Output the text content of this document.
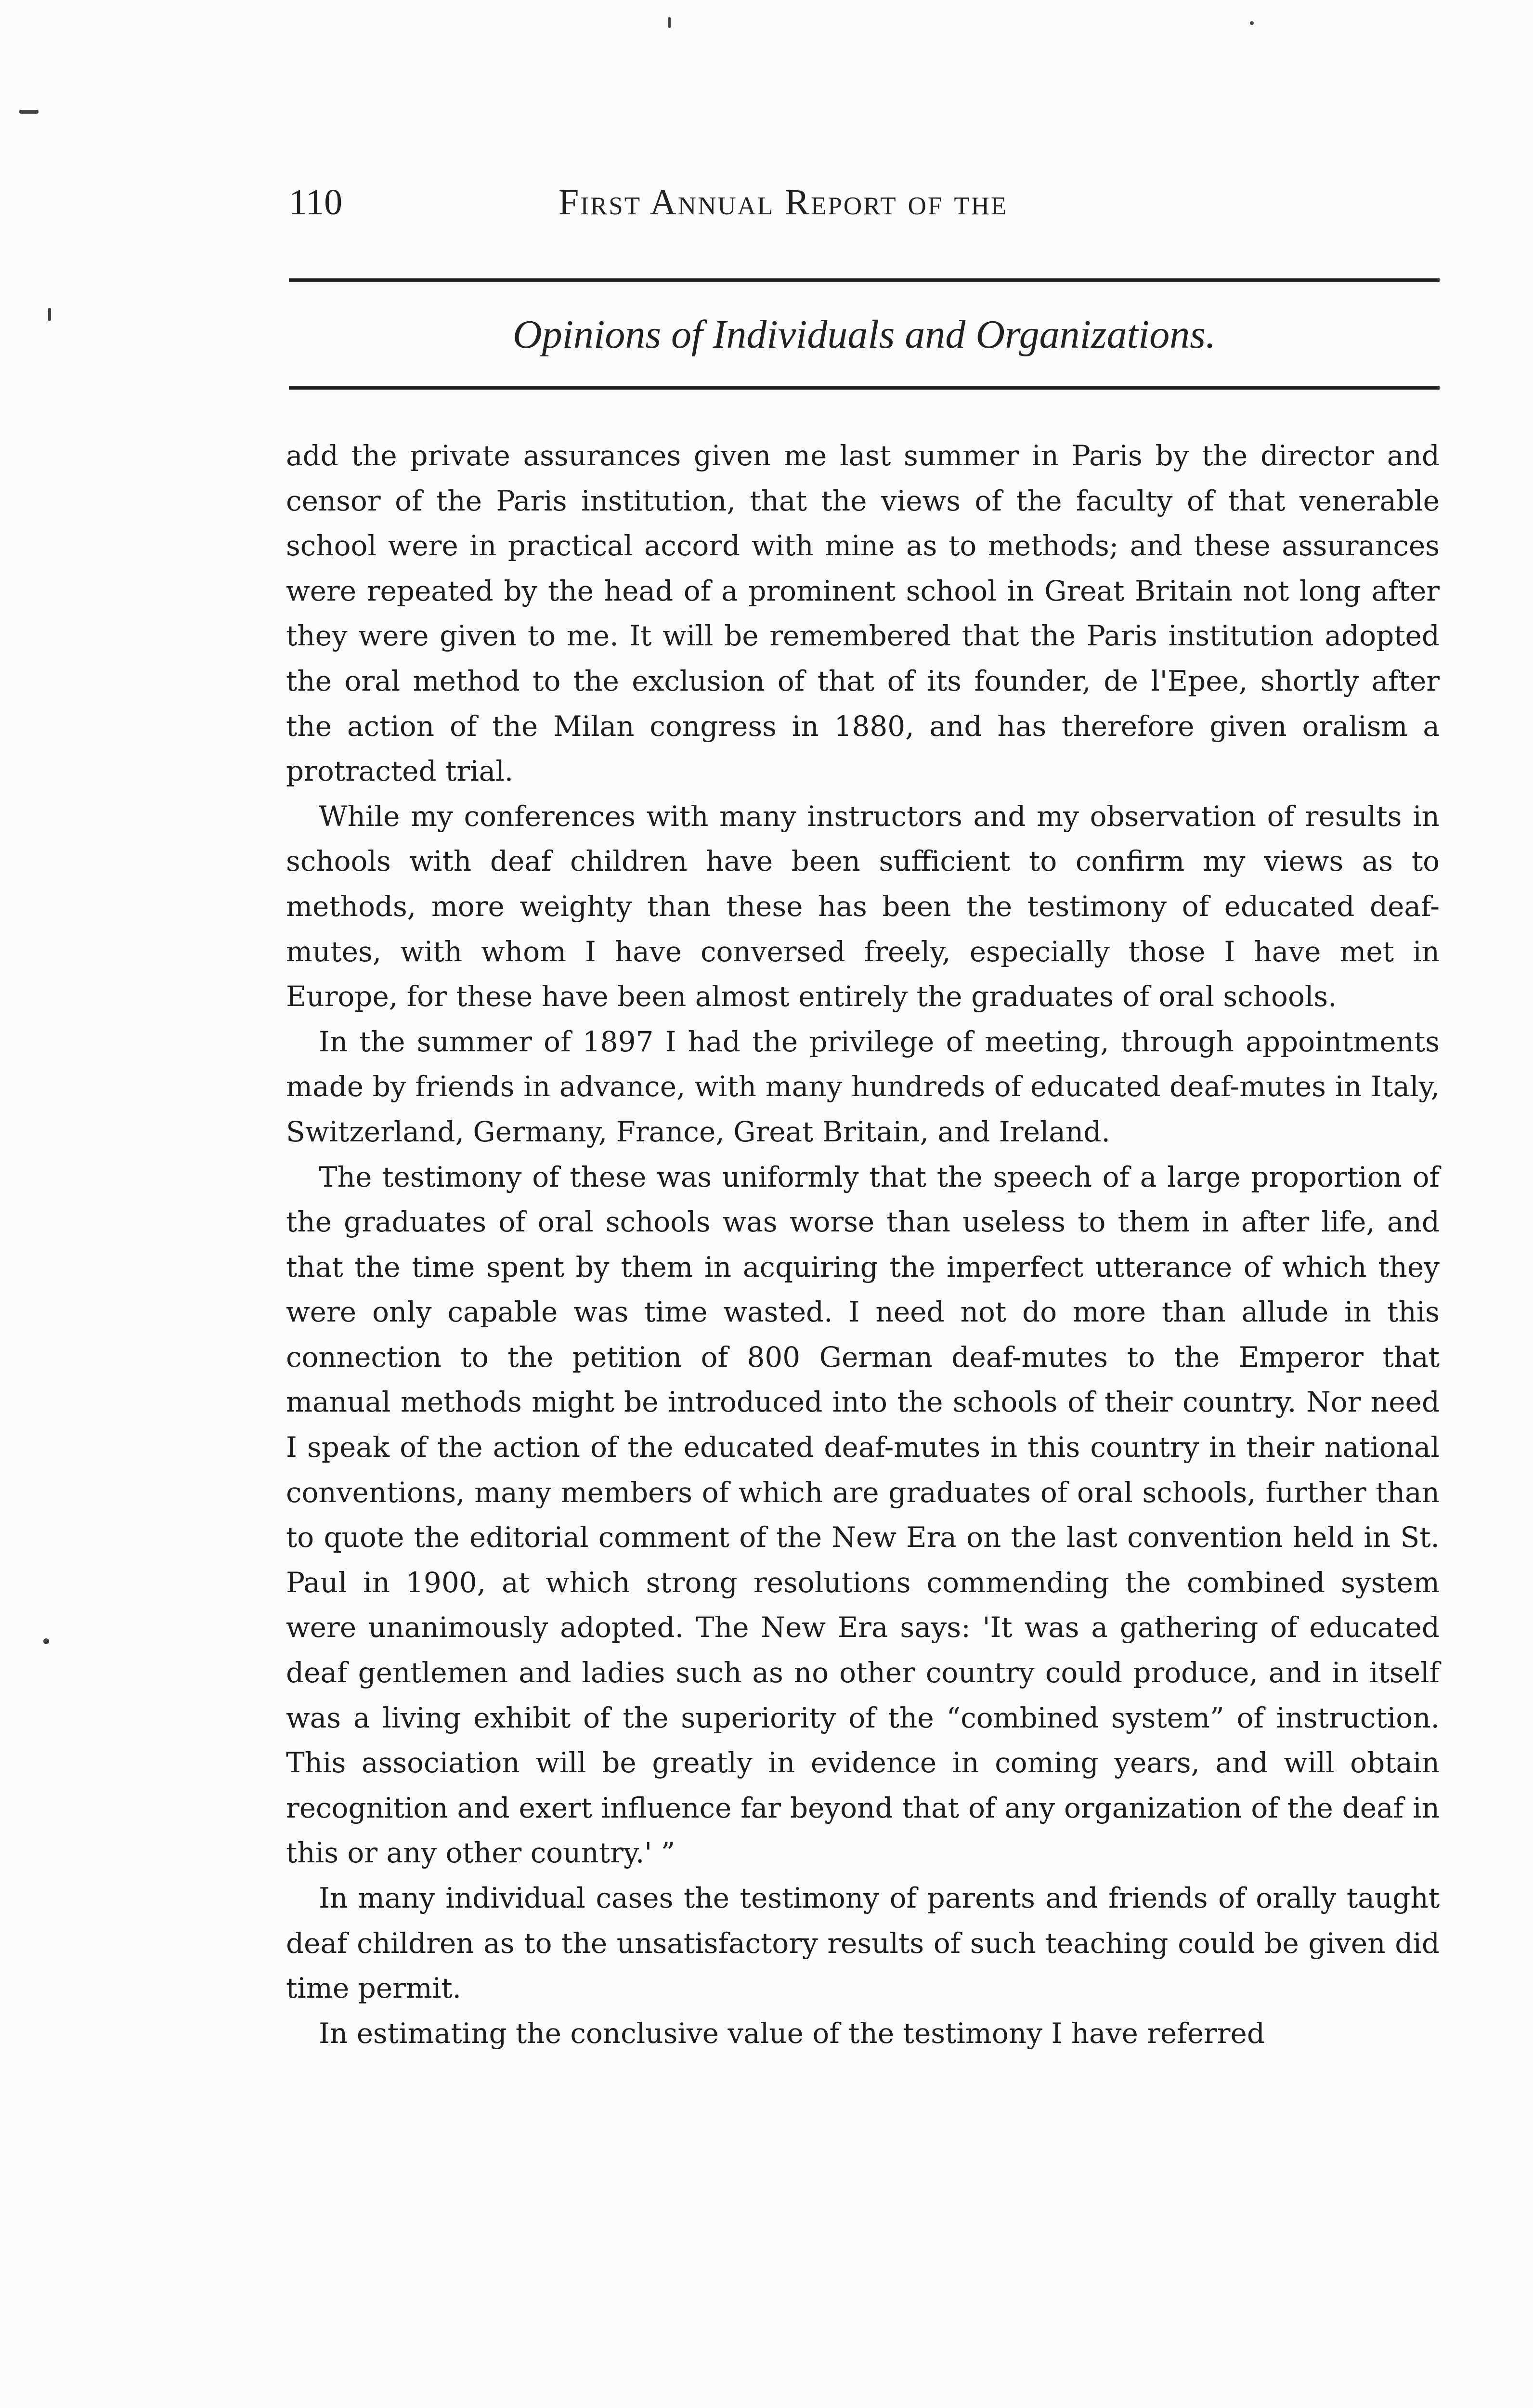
110	First Annual Report of the
Opinions of Individuals and Organizations.

add the private assurances given me last summer in Paris by the director and censor of the Paris institution, that the views of the faculty of that venerable school were in practical accord with mine as to methods; and these assurances were repeated by the head of a prominent school in Great Britain not long after they were given to me. It will be remembered that the Paris institution adopted the oral method to the exclusion of that of its founder, de l'Epee, shortly after the action of the Milan congress in 1880, and has therefore given oralism a protracted trial.

While my conferences with many instructors and my observation of results in schools with deaf children have been sufficient to confirm my views as to methods, more weighty than these has been the testimony of educated deaf-mutes, with whom I have conversed freely, especially those I have met in Europe, for these have been almost entirely the graduates of oral schools.

In the summer of 1897 I had the privilege of meeting, through appointments made by friends in advance, with many hundreds of educated deaf-mutes in Italy, Switzerland, Germany, France, Great Britain, and Ireland.

The testimony of these was uniformly that the speech of a large proportion of the graduates of oral schools was worse than useless to them in after life, and that the time spent by them in acquiring the imperfect utterance of which they were only capable was time wasted. I need not do more than allude in this connection to the petition of 800 German deaf-mutes to the Emperor that manual methods might be introduced into the schools of their country. Nor need I speak of the action of the educated deaf-mutes in this country in their national conventions, many members of which are graduates of oral schools, further than to quote the editorial comment of the New Era on the last convention held in St. Paul in 1900, at which strong resolutions commending the combined system were unanimously adopted. The New Era says: 'It was a gathering of educated deaf gentlemen and ladies such as no other country could produce, and in itself was a living exhibit of the superiority of the “combined system” of instruction. This association will be greatly in evidence in coming years, and will obtain recognition and exert influence far beyond that of any organization of the deaf in this or any other country.' ”

In many individual cases the testimony of parents and friends of orally taught deaf children as to the unsatisfactory results of such teaching could be given did time permit.

In estimating the conclusive value of the testimony I have referred
